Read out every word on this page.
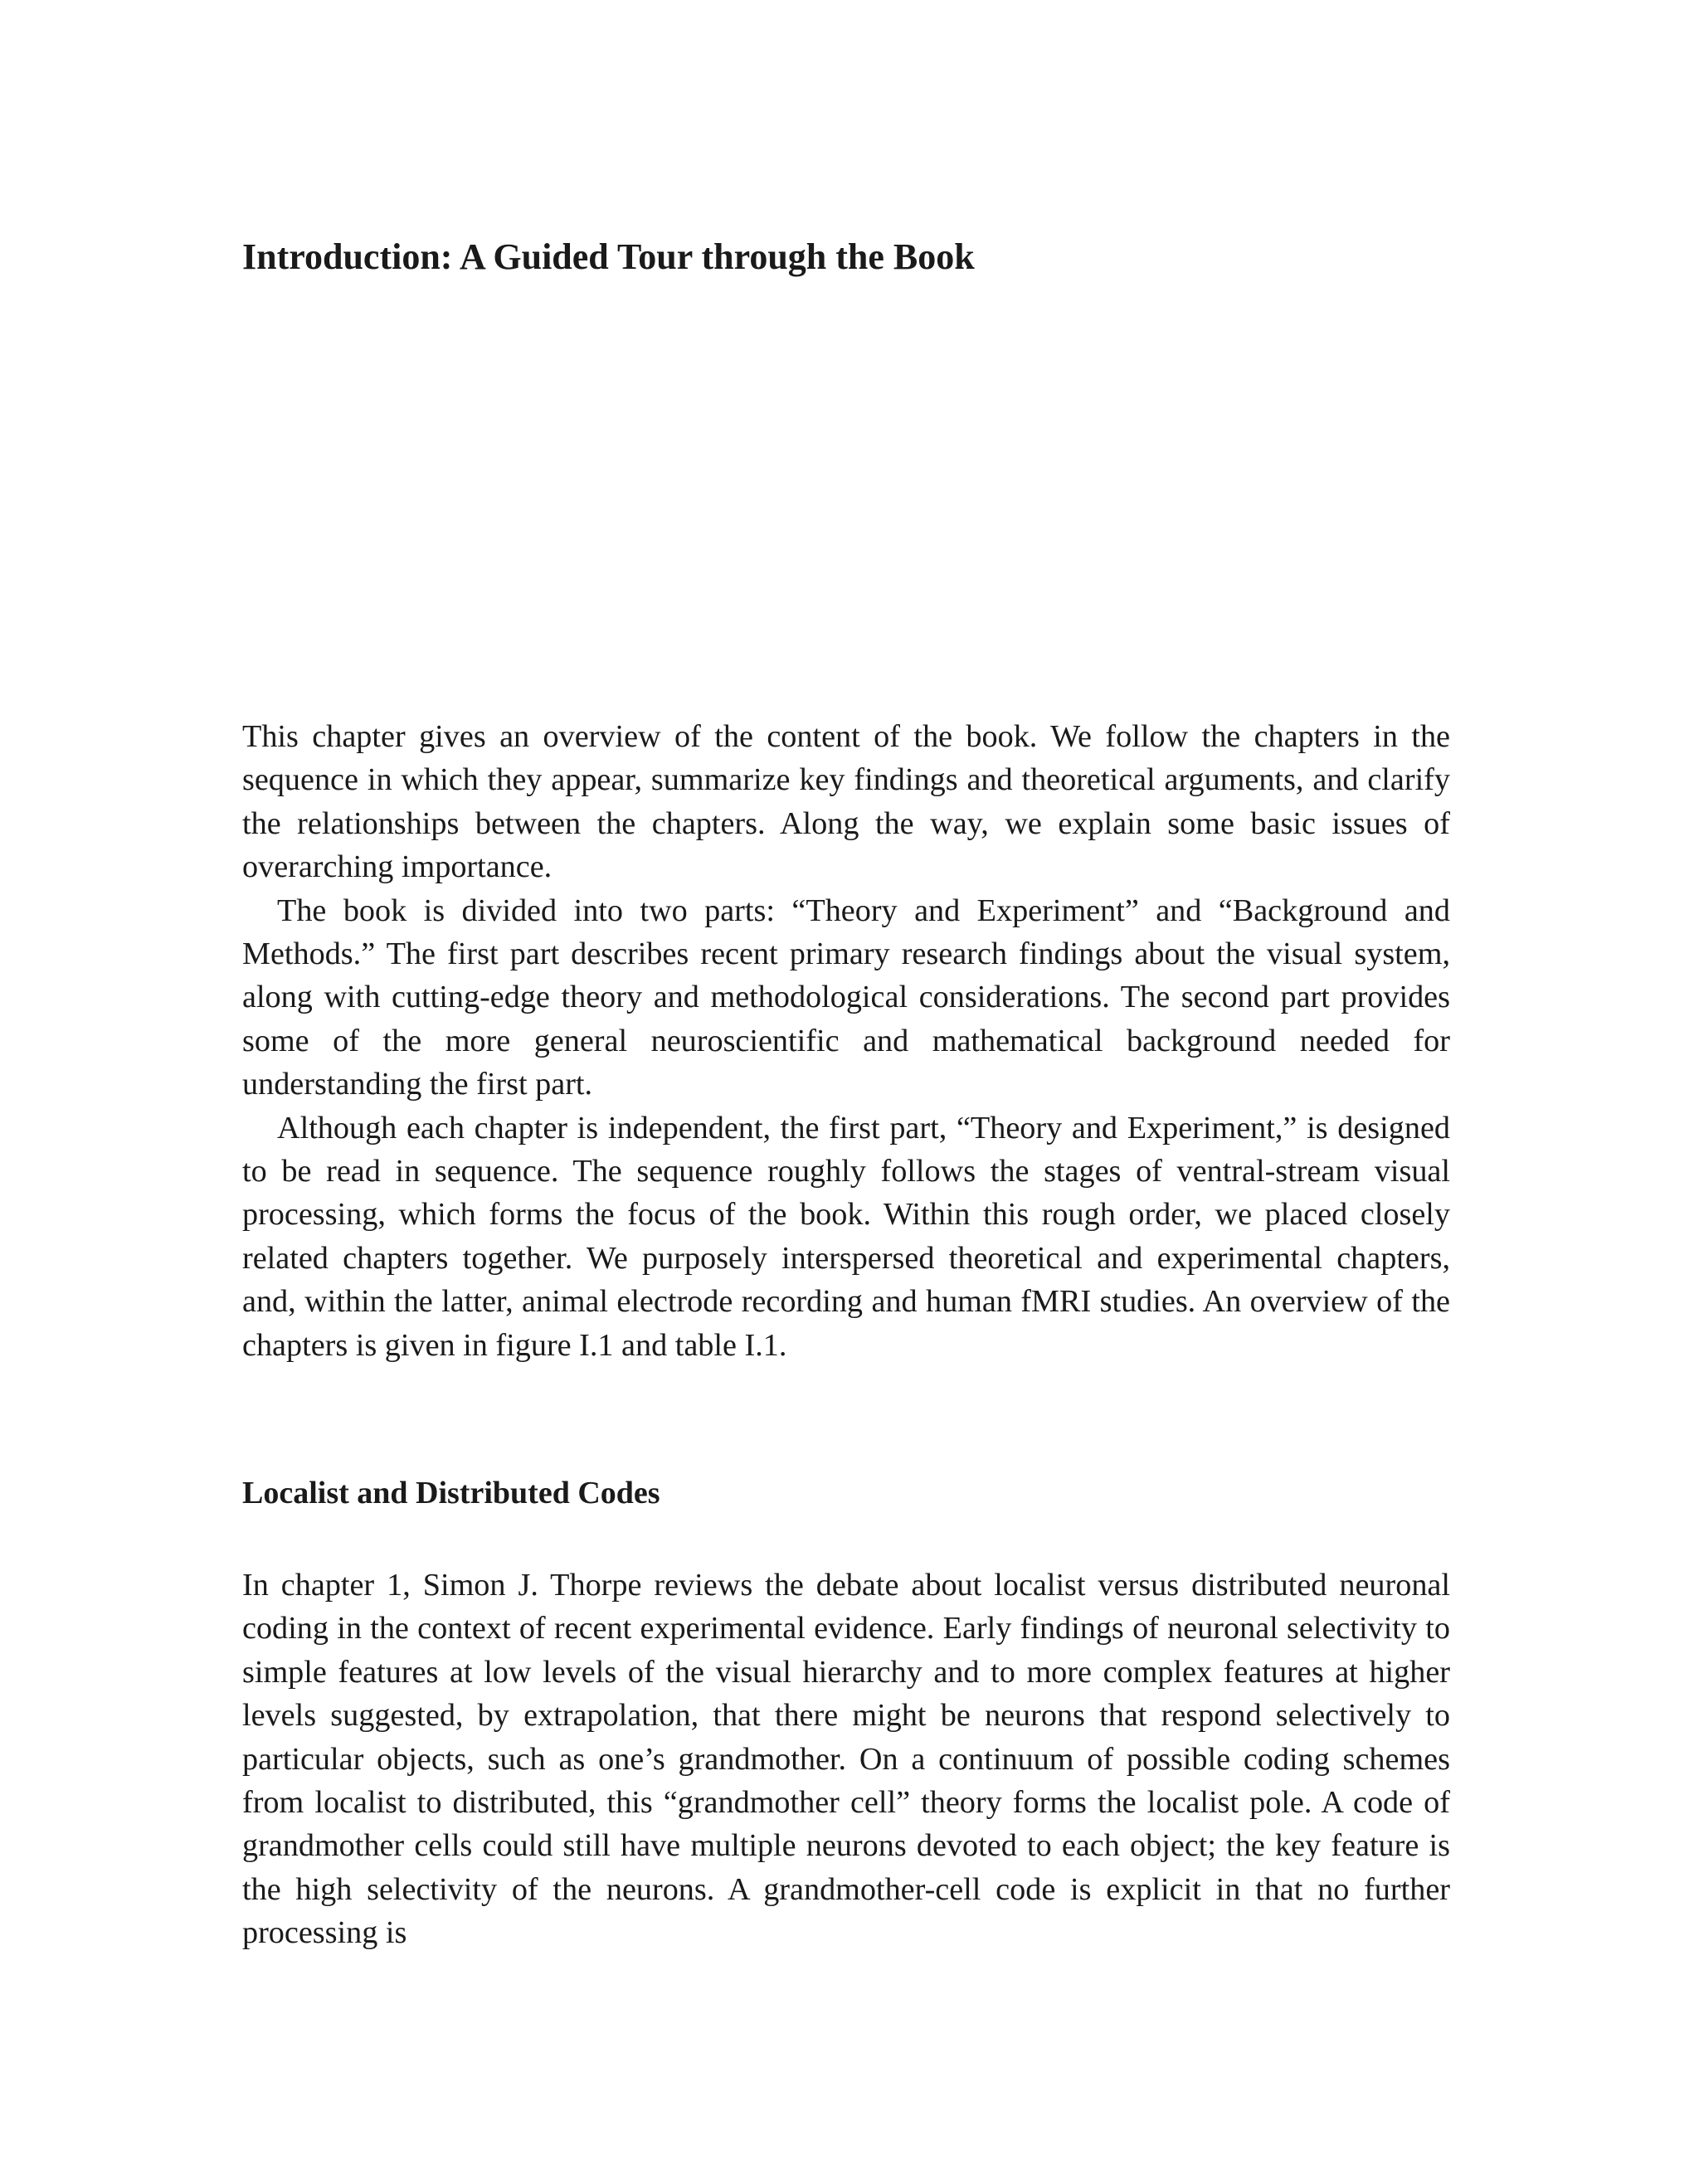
Introduction: A Guided Tour through the Book

This chapter gives an overview of the content of the book. We follow the chapters in the sequence in which they appear, summarize key findings and theoretical arguments, and clarify the relationships between the chapters. Along the way, we explain some basic issues of overarching importance.

The book is divided into two parts: “Theory and Experiment” and “Background and Methods.” The first part describes recent primary research findings about the visual system, along with cutting-edge theory and methodological considerations. The second part provides some of the more general neuroscientific and mathematical background needed for understanding the first part.

Although each chapter is independent, the first part, “Theory and Experiment,” is designed to be read in sequence. The sequence roughly follows the stages of ventral-stream visual processing, which forms the focus of the book. Within this rough order, we placed closely related chapters together. We purposely interspersed theoretical and experimental chapters, and, within the latter, animal electrode recording and human fMRI studies. An overview of the chapters is given in figure I.1 and table I.1.

Localist and Distributed Codes

In chapter 1, Simon J. Thorpe reviews the debate about localist versus distributed neuronal coding in the context of recent experimental evidence. Early findings of neuronal selectivity to simple features at low levels of the visual hierarchy and to more complex features at higher levels suggested, by extrapolation, that there might be neurons that respond selectively to particular objects, such as one’s grandmother. On a continuum of possible coding schemes from localist to distributed, this “grandmother cell” theory forms the localist pole. A code of grandmother cells could still have multiple neurons devoted to each object; the key feature is the high selectivity of the neurons. A grandmother-cell code is explicit in that no further processing is
